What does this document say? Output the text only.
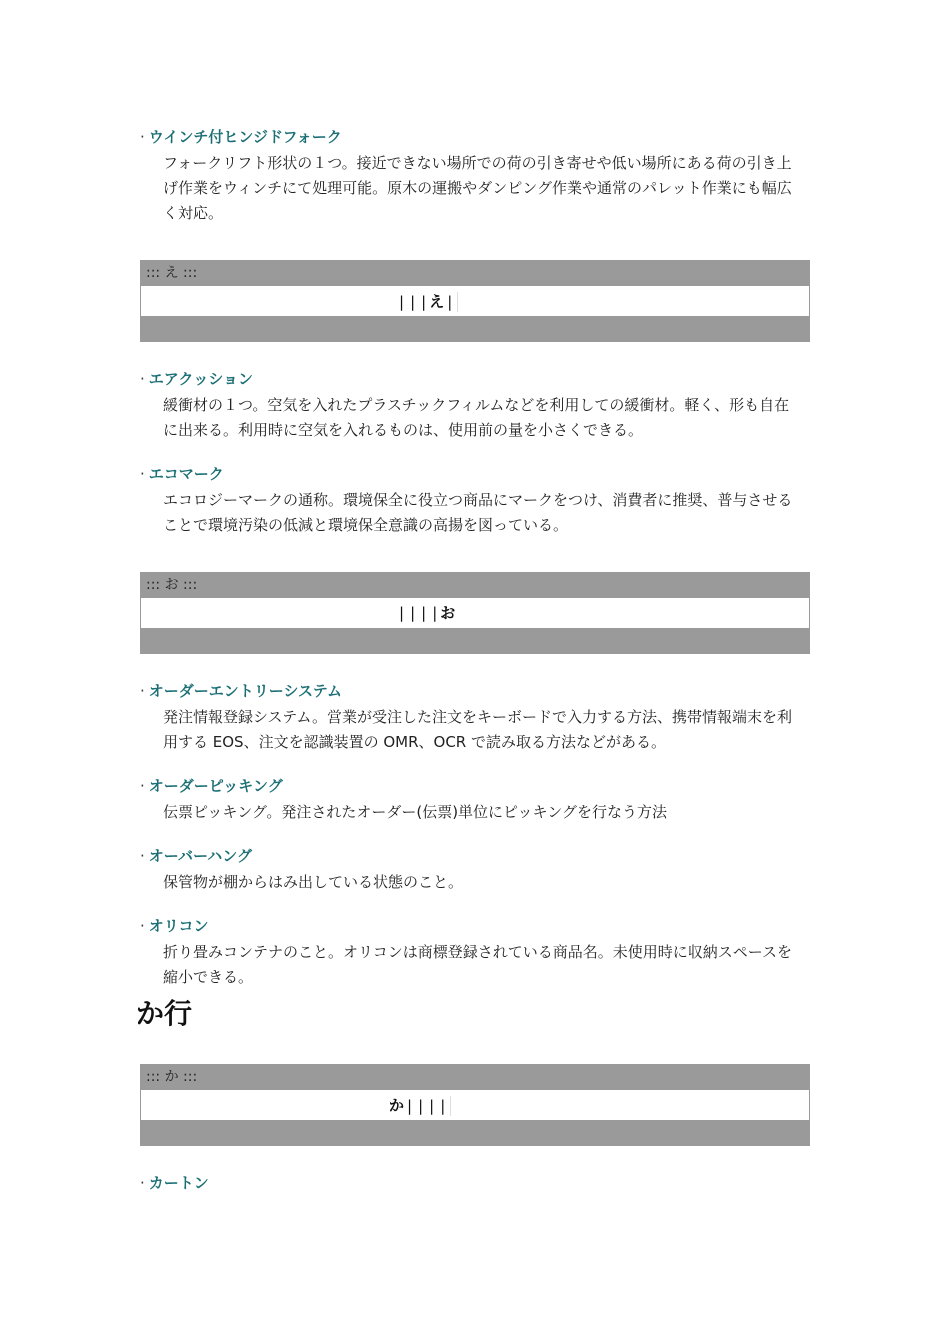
· ウインチ付ヒンジドフォーク
フォークリフト形状の１つ。接近できない場所での荷の引き寄せや低い場所にある荷の引き上げ作業をウィンチにて処理可能。原木の運搬やダンピング作業や通常のパレット作業にも幅広く対応。
::: え :::
| | | え |
· エアクッション
緩衝材の１つ。空気を入れたプラスチックフィルムなどを利用しての緩衝材。軽く、形も自在に出来る。利用時に空気を入れるものは、使用前の量を小さくできる。
· エコマーク
エコロジーマークの通称。環境保全に役立つ商品にマークをつけ、消費者に推奨、普与させることで環境汚染の低減と環境保全意識の高揚を図っている。
::: お :::
| | | | お
· オーダーエントリーシステム
発注情報登録システム。営業が受注した注文をキーボードで入力する方法、携帯情報端末を利用する EOS、注文を認識装置の OMR、OCR で読み取る方法などがある。
· オーダーピッキング
伝票ピッキング。発注されたオーダー(伝票)単位にピッキングを行なう方法
· オーバーハング
保管物が棚からはみ出している状態のこと。
· オリコン
折り畳みコンテナのこと。オリコンは商標登録されている商品名。未使用時に収納スペースを縮小できる。
か行
::: か :::
か | | | |
· カートン
